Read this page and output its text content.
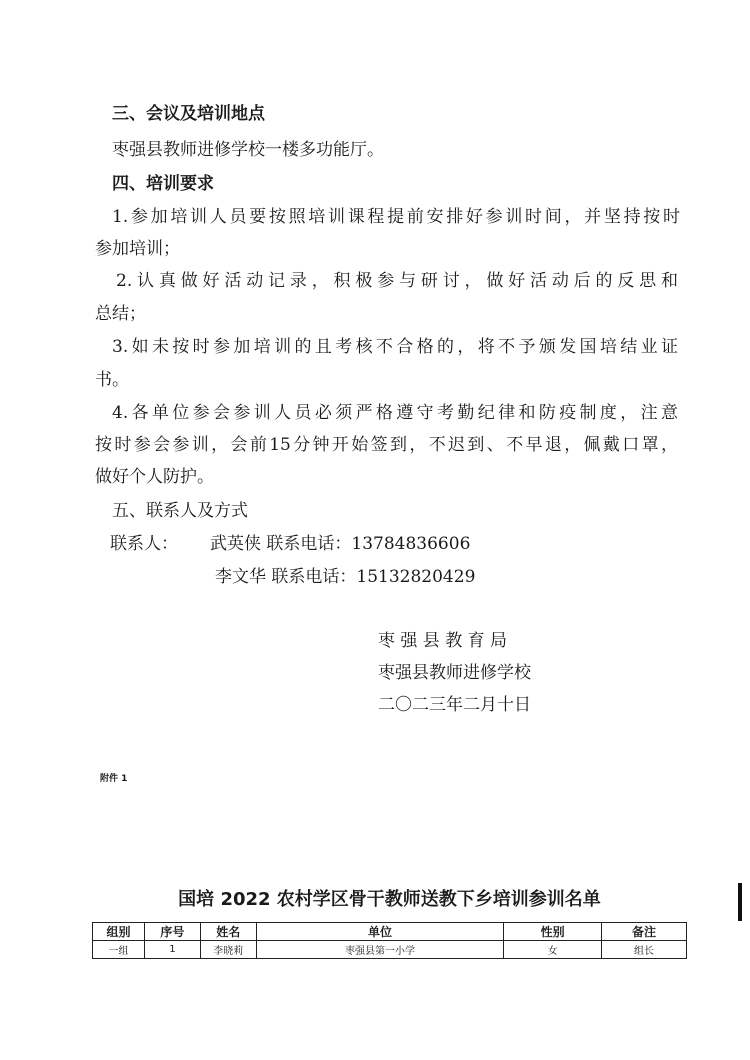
三、会议及培训地点
枣强县教师进修学校一楼多功能厅。
四、培训要求
1.参加培训人员要按照培训课程提前安排好参训时间，并坚持按时
参加培训；
2.认真做好活动记录，积极参与研讨，做好活动后的反思和
总结；
3.如未按时参加培训的且考核不合格的，将不予颁发国培结业证
书。
4.各单位参会参训人员必须严格遵守考勤纪律和防疫制度，注意
按时参会参训，会前15分钟开始签到，不迟到、不早退，佩戴口罩，
做好个人防护。
五、联系人及方式
联系人： 武英侠 联系电话：13784836606
李文华 联系电话：15132820429
枣 强 县 教 育 局
枣强县教师进修学校
二〇二三年二月十日
附件 1
国培 2022 农村学区骨干教师送教下乡培训参训名单
组别	序号	姓名	单位	性别	备注
一组	1	李晓莉	枣强县第一小学	女	组长
